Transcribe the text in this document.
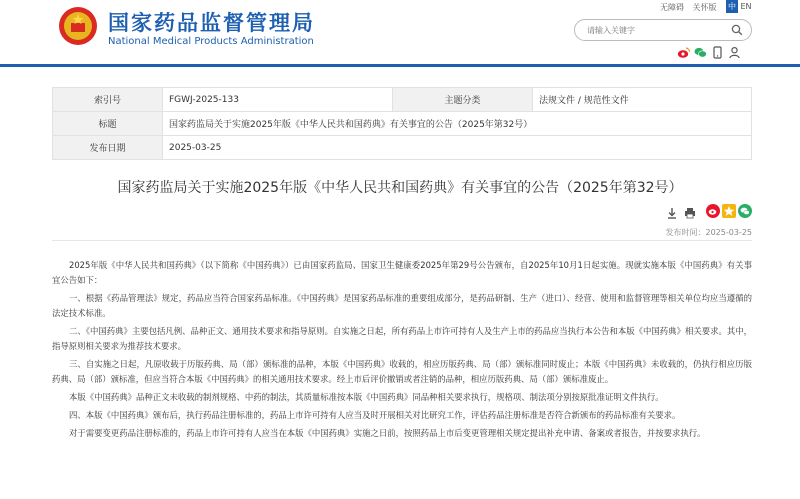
国家药品监督管理局
National Medical Products Administration
无障碍 关怀版	中 EN
请输入关键字
索引号	FGWJ-2025-133	主题分类	法规文件 / 规范性文件
标题	国家药监局关于实施2025年版《中华人民共和国药典》有关事宜的公告（2025年第32号）		
发布日期	2025-03-25		
国家药监局关于实施2025年版《中华人民共和国药典》有关事宜的公告（2025年第32号）
发布时间：2025-03-25

2025年版《中华人民共和国药典》（以下简称《中国药典》）已由国家药监局、国家卫生健康委2025年第29号公告颁布，自2025年10月1日起实施。现就实施本版《中国药典》有关事宜公告如下：

一、根据《药品管理法》规定，药品应当符合国家药品标准。《中国药典》是国家药品标准的重要组成部分，是药品研制、生产（进口）、经营、使用和监督管理等相关单位均应当遵循的法定技术标准。

二、《中国药典》主要包括凡例、品种正文、通用技术要求和指导原则。自实施之日起，所有药品上市许可持有人及生产上市的药品应当执行本公告和本版《中国药典》相关要求。其中，指导原则相关要求为推荐技术要求。

三、自实施之日起，凡原收载于历版药典、局（部）颁标准的品种，本版《中国药典》收载的，相应历版药典、局（部）颁标准同时废止；本版《中国药典》未收载的，仍执行相应历版药典、局（部）颁标准，但应当符合本版《中国药典》的相关通用技术要求。经上市后评价撤销或者注销的品种，相应历版药典、局（部）颁标准废止。

本版《中国药典》品种正文未收载的制剂规格、中药的制法，其质量标准按本版《中国药典》同品种相关要求执行，规格项、制法项分别按原批准证明文件执行。

四、本版《中国药典》颁布后，执行药品注册标准的，药品上市许可持有人应当及时开展相关对比研究工作，评估药品注册标准是否符合新颁布的药品标准有关要求。

对于需要变更药品注册标准的，药品上市许可持有人应当在本版《中国药典》实施之日前，按照药品上市后变更管理相关规定提出补充申请、备案或者报告，并按要求执行。
